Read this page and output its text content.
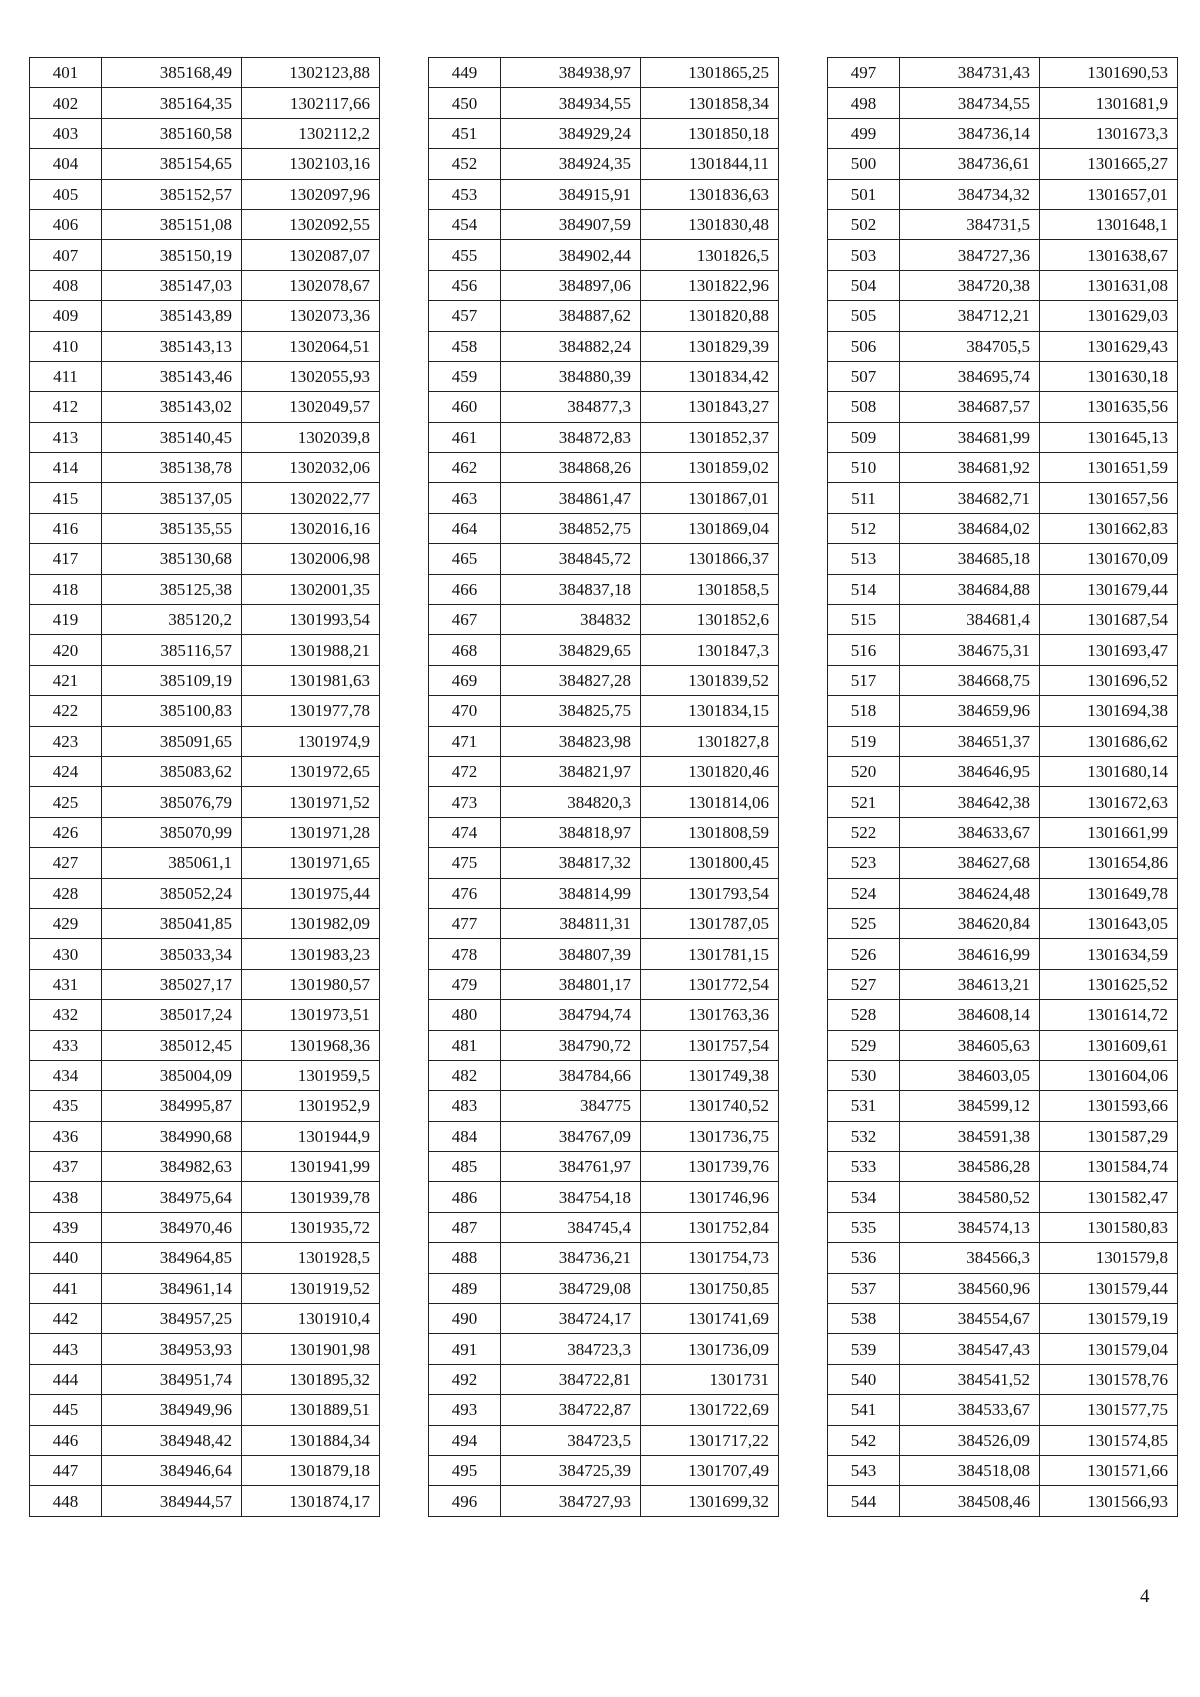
401	385168,49	1302123,88
402	385164,35	1302117,66
403	385160,58	1302112,2
404	385154,65	1302103,16
405	385152,57	1302097,96
406	385151,08	1302092,55
407	385150,19	1302087,07
408	385147,03	1302078,67
409	385143,89	1302073,36
410	385143,13	1302064,51
411	385143,46	1302055,93
412	385143,02	1302049,57
413	385140,45	1302039,8
414	385138,78	1302032,06
415	385137,05	1302022,77
416	385135,55	1302016,16
417	385130,68	1302006,98
418	385125,38	1302001,35
419	385120,2	1301993,54
420	385116,57	1301988,21
421	385109,19	1301981,63
422	385100,83	1301977,78
423	385091,65	1301974,9
424	385083,62	1301972,65
425	385076,79	1301971,52
426	385070,99	1301971,28
427	385061,1	1301971,65
428	385052,24	1301975,44
429	385041,85	1301982,09
430	385033,34	1301983,23
431	385027,17	1301980,57
432	385017,24	1301973,51
433	385012,45	1301968,36
434	385004,09	1301959,5
435	384995,87	1301952,9
436	384990,68	1301944,9
437	384982,63	1301941,99
438	384975,64	1301939,78
439	384970,46	1301935,72
440	384964,85	1301928,5
441	384961,14	1301919,52
442	384957,25	1301910,4
443	384953,93	1301901,98
444	384951,74	1301895,32
445	384949,96	1301889,51
446	384948,42	1301884,34
447	384946,64	1301879,18
448	384944,57	1301874,17
449	384938,97	1301865,25
450	384934,55	1301858,34
451	384929,24	1301850,18
452	384924,35	1301844,11
453	384915,91	1301836,63
454	384907,59	1301830,48
455	384902,44	1301826,5
456	384897,06	1301822,96
457	384887,62	1301820,88
458	384882,24	1301829,39
459	384880,39	1301834,42
460	384877,3	1301843,27
461	384872,83	1301852,37
462	384868,26	1301859,02
463	384861,47	1301867,01
464	384852,75	1301869,04
465	384845,72	1301866,37
466	384837,18	1301858,5
467	384832	1301852,6
468	384829,65	1301847,3
469	384827,28	1301839,52
470	384825,75	1301834,15
471	384823,98	1301827,8
472	384821,97	1301820,46
473	384820,3	1301814,06
474	384818,97	1301808,59
475	384817,32	1301800,45
476	384814,99	1301793,54
477	384811,31	1301787,05
478	384807,39	1301781,15
479	384801,17	1301772,54
480	384794,74	1301763,36
481	384790,72	1301757,54
482	384784,66	1301749,38
483	384775	1301740,52
484	384767,09	1301736,75
485	384761,97	1301739,76
486	384754,18	1301746,96
487	384745,4	1301752,84
488	384736,21	1301754,73
489	384729,08	1301750,85
490	384724,17	1301741,69
491	384723,3	1301736,09
492	384722,81	1301731
493	384722,87	1301722,69
494	384723,5	1301717,22
495	384725,39	1301707,49
496	384727,93	1301699,32
497	384731,43	1301690,53
498	384734,55	1301681,9
499	384736,14	1301673,3
500	384736,61	1301665,27
501	384734,32	1301657,01
502	384731,5	1301648,1
503	384727,36	1301638,67
504	384720,38	1301631,08
505	384712,21	1301629,03
506	384705,5	1301629,43
507	384695,74	1301630,18
508	384687,57	1301635,56
509	384681,99	1301645,13
510	384681,92	1301651,59
511	384682,71	1301657,56
512	384684,02	1301662,83
513	384685,18	1301670,09
514	384684,88	1301679,44
515	384681,4	1301687,54
516	384675,31	1301693,47
517	384668,75	1301696,52
518	384659,96	1301694,38
519	384651,37	1301686,62
520	384646,95	1301680,14
521	384642,38	1301672,63
522	384633,67	1301661,99
523	384627,68	1301654,86
524	384624,48	1301649,78
525	384620,84	1301643,05
526	384616,99	1301634,59
527	384613,21	1301625,52
528	384608,14	1301614,72
529	384605,63	1301609,61
530	384603,05	1301604,06
531	384599,12	1301593,66
532	384591,38	1301587,29
533	384586,28	1301584,74
534	384580,52	1301582,47
535	384574,13	1301580,83
536	384566,3	1301579,8
537	384560,96	1301579,44
538	384554,67	1301579,19
539	384547,43	1301579,04
540	384541,52	1301578,76
541	384533,67	1301577,75
542	384526,09	1301574,85
543	384518,08	1301571,66
544	384508,46	1301566,93
4
